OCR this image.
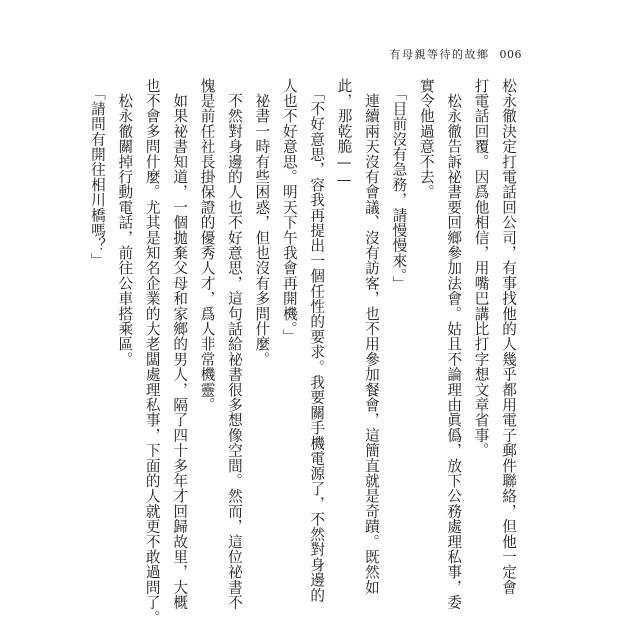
有母親等待的故鄉 006

松永徹決定打電話回公司，有事找他的人幾乎都用電子郵件聯絡，但他一定會

打電話回覆。因爲他相信，用嘴巴講比打字想文章省事。

　松永徹告訴祕書要回鄉參加法會。姑且不論理由眞僞，放下公務處理私事，委

實令他過意不去。

　「目前沒有急務，請慢慢來。」

　連續兩天沒有會議、沒有訪客，也不用參加餐會，這簡直就是奇蹟。既然如

此，那乾脆——

　「不好意思，容我再提出一個任性的要求。我要關手機電源了，不然對身邊的

人也不好意思。明天下午我會再開機。」

　祕書一時有些困惑，但也沒有多問什麼。

　不然對身邊的人也不好意思，這句話給祕書很多想像空間。然而，這位祕書不

愧是前任社長掛保證的優秀人才，爲人非常機靈。

　如果祕書知道，一個拋棄父母和家鄉的男人，隔了四十多年才回歸故里，大概

也不會多問什麼。尤其是知名企業的大老闆處理私事，下面的人就更不敢過問了。

　松永徹關掉行動電話，前往公車搭乘區。

　「請問有開往相川橋嗎？」
